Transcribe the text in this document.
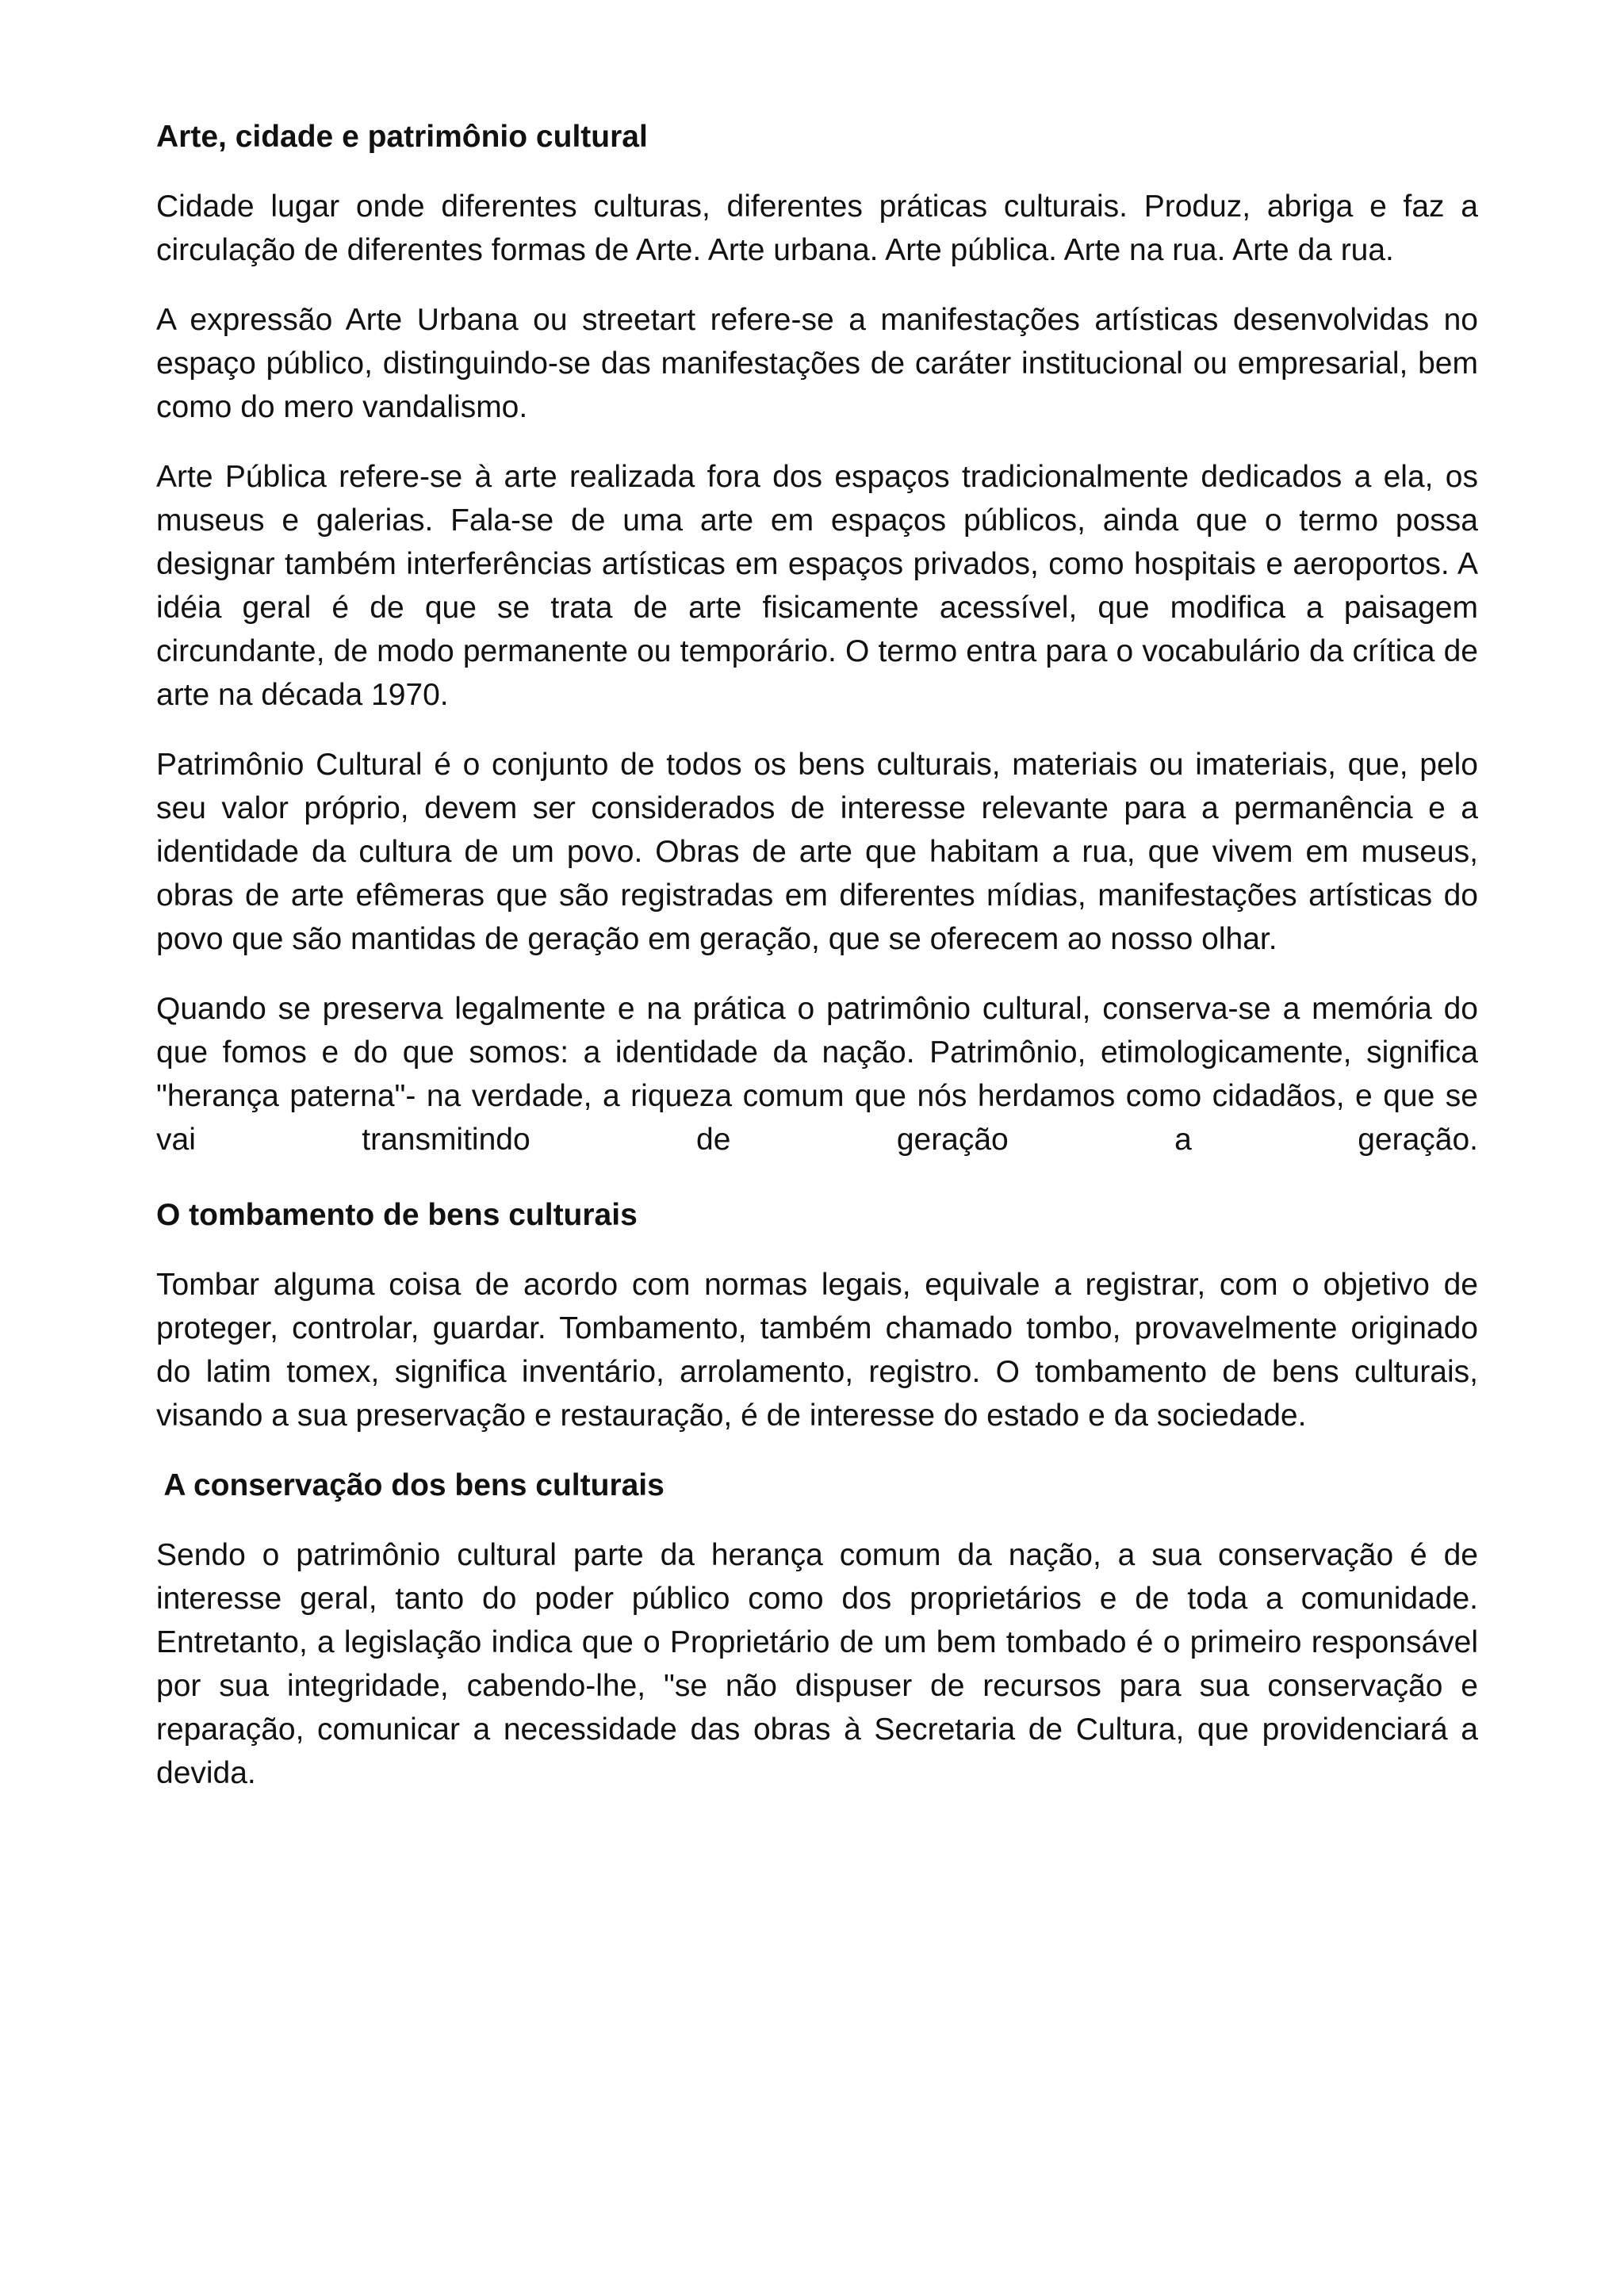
Arte, cidade e patrimônio cultural

Cidade lugar onde diferentes culturas, diferentes práticas culturais. Produz, abriga e faz a circulação de diferentes formas de Arte. Arte urbana. Arte pública. Arte na rua. Arte da rua.

A expressão Arte Urbana ou streetart refere-se a manifestações artísticas desenvolvidas no espaço público, distinguindo-se das manifestações de caráter institucional ou empresarial, bem como do mero vandalismo.

Arte Pública refere-se à arte realizada fora dos espaços tradicionalmente dedicados a ela, os museus e galerias. Fala-se de uma arte em espaços públicos, ainda que o termo possa designar também interferências artísticas em espaços privados, como hospitais e aeroportos. A idéia geral é de que se trata de arte fisicamente acessível, que modifica a paisagem circundante, de modo permanente ou temporário. O termo entra para o vocabulário da crítica de arte na década 1970.

Patrimônio Cultural é o conjunto de todos os bens culturais, materiais ou imateriais, que, pelo seu valor próprio, devem ser considerados de interesse relevante para a permanência e a identidade da cultura de um povo. Obras de arte que habitam a rua, que vivem em museus, obras de arte efêmeras que são registradas em diferentes mídias, manifestações artísticas do povo que são mantidas de geração em geração, que se oferecem ao nosso olhar.

Quando se preserva legalmente e na prática o patrimônio cultural, conserva-se a memória do que fomos e do que somos: a identidade da nação. Patrimônio, etimologicamente, significa "herança paterna"- na verdade, a riqueza comum que nós herdamos como cidadãos, e que se vai transmitindo de geração a geração.

O tombamento de bens culturais

Tombar alguma coisa de acordo com normas legais, equivale a registrar, com o objetivo de proteger, controlar, guardar. Tombamento, também chamado tombo, provavelmente originado do latim tomex, significa inventário, arrolamento, registro. O tombamento de bens culturais, visando a sua preservação e restauração, é de interesse do estado e da sociedade.

A conservação dos bens culturais

Sendo o patrimônio cultural parte da herança comum da nação, a sua conservação é de interesse geral, tanto do poder público como dos proprietários e de toda a comunidade. Entretanto, a legislação indica que o Proprietário de um bem tombado é o primeiro responsável por sua integridade, cabendo-lhe, "se não dispuser de recursos para sua conservação e reparação, comunicar a necessidade das obras à Secretaria de Cultura, que providenciará a devida.
